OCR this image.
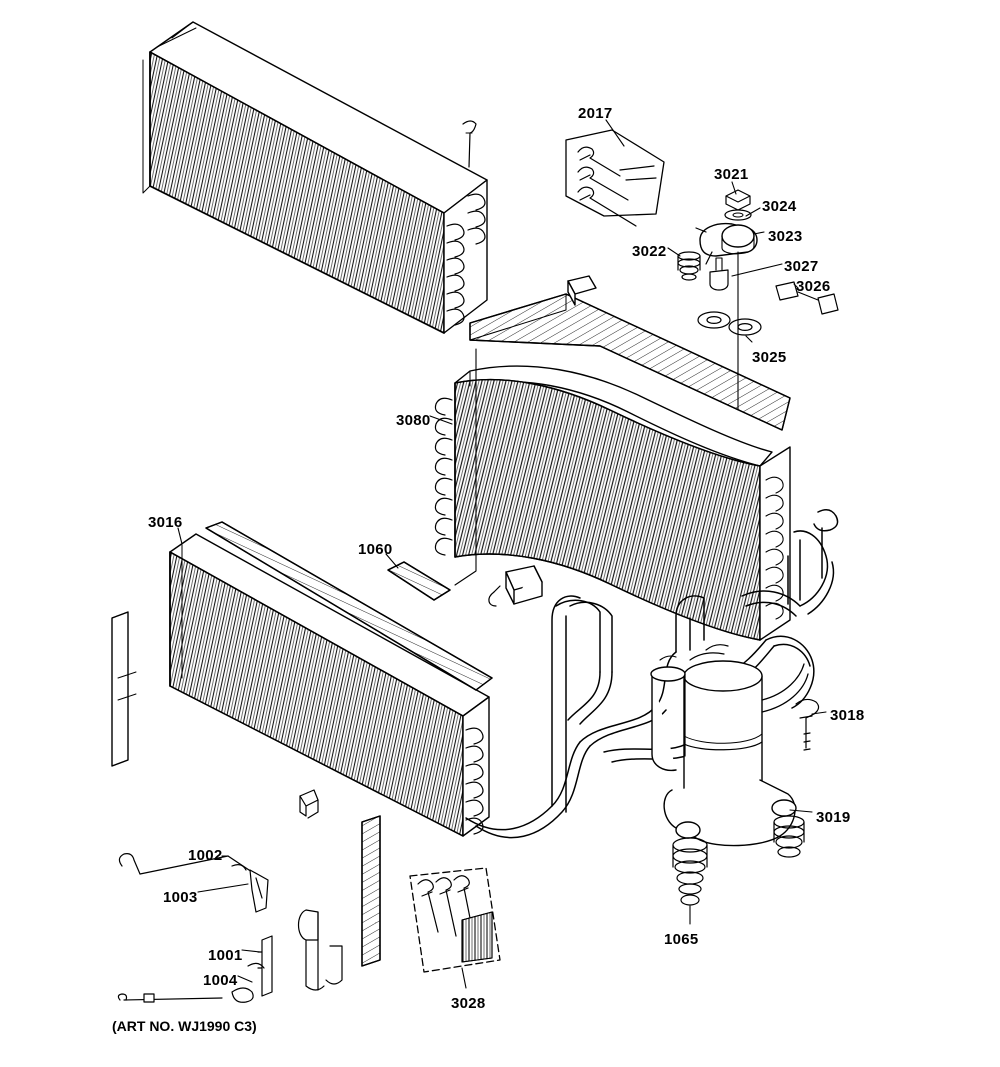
2017
3021
3024
3023
3022
3027
3026
3025
3080
3016
1060
3018
3019
1002
1003
1065
1001
1004
3028
(ART NO. WJ1990 C3)
